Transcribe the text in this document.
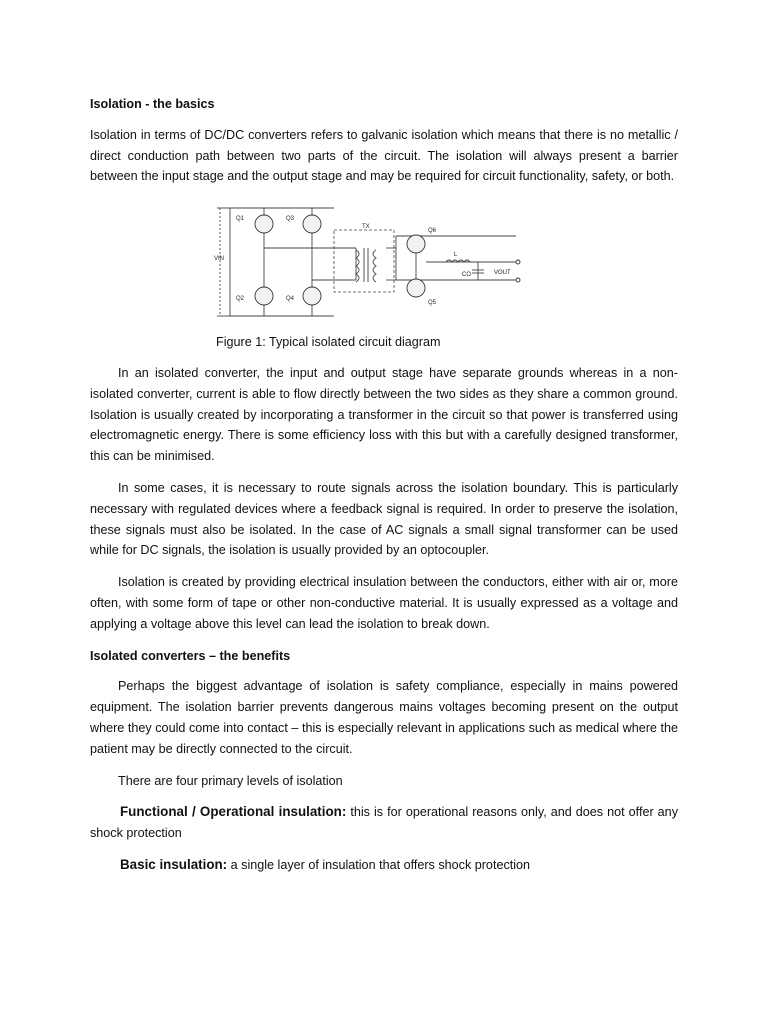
Isolation - the basics

Isolation in terms of DC/DC converters refers to galvanic isolation which means that there is no metallic / direct conduction path between two parts of the circuit. The isolation will always present a barrier between the input stage and the output stage and may be required for circuit functionality, safety, or both.

Q1	Q3
Q2	Q4
Q6
Q5
TX
VIN
L
CO	VOUT
Figure 1: Typical isolated circuit diagram

In an isolated converter, the input and output stage have separate grounds whereas in a non-isolated converter, current is able to flow directly between the two sides as they share a common ground. Isolation is usually created by incorporating a transformer in the circuit so that power is transferred using electromagnetic energy. There is some efficiency loss with this but with a carefully designed transformer, this can be minimised.

In some cases, it is necessary to route signals across the isolation boundary. This is particularly necessary with regulated devices where a feedback signal is required. In order to preserve the isolation, these signals must also be isolated. In the case of AC signals a small signal transformer can be used while for DC signals, the isolation is usually provided by an optocoupler.

Isolation is created by providing electrical insulation between the conductors, either with air or, more often, with some form of tape or other non-conductive material. It is usually expressed as a voltage and applying a voltage above this level can lead the isolation to break down.

Isolated converters – the benefits

Perhaps the biggest advantage of isolation is safety compliance, especially in mains powered equipment. The isolation barrier prevents dangerous mains voltages becoming present on the output where they could come into contact – this is especially relevant in applications such as medical where the patient may be directly connected to the circuit.

There are four primary levels of isolation

Functional / Operational insulation: this is for operational reasons only, and does not offer any shock protection
Basic insulation: a single layer of insulation that offers shock protection
